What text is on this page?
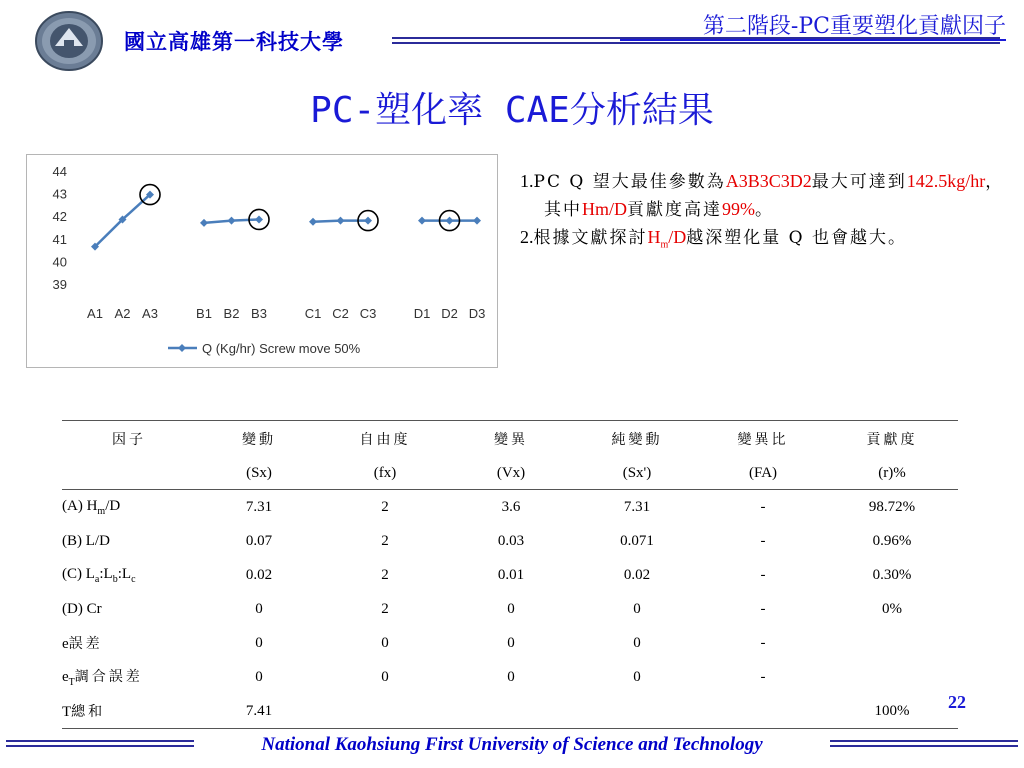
國立高雄第一科技大學
第二階段-PC重要塑化貢獻因子
PC-塑化率 CAE分析結果
39
40
41
42
43
44
A1 A2 A3	B1 B2 B3	C1 C2 C3	D1 D2 D3
Q (Kg/hr) Screw move 50%
1.PC Q 望大最佳參數為A3B3C3D2最大可達到142.5kg/hr，其中Hm/D貢獻度高達99%。
2.根據文獻探討$H_m/D$越深塑化量 Q 也會越大。
因子	變動	自由度	變異	純變動	變異比	貢獻度
	(Sx)	(fx)	(Vx)	(Sx')	(FA)	(r)%
(A) $H_m/D$	7.31	2	3.6	7.31	-	98.72%
(B) L/D	0.07	2	0.03	0.071	-	0.96%
(C) $L_a:L_b:L_c$	0.02	2	0.01	0.02	-	0.30%
(D) Cr	0	2	0	0	-	0%
e誤差	0	0	0	0	-	
$e_T$調合誤差	0	0	0	0	-	
T總和	7.41					100% 22
National Kaohsiung First University of Science and Technology
